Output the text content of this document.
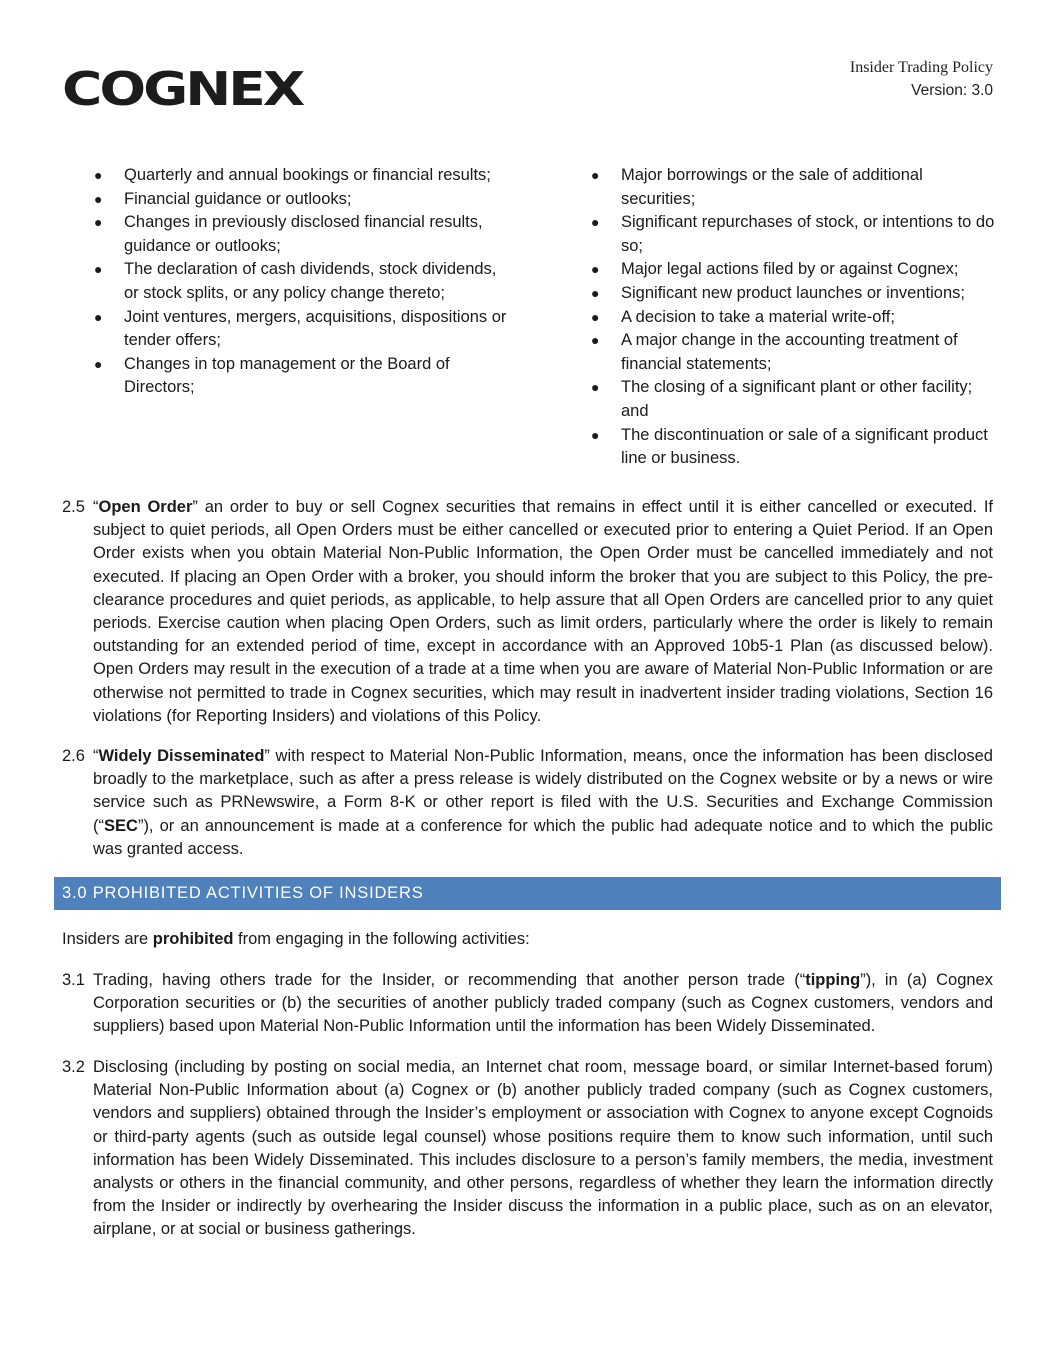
COGNEX	Insider Trading Policy
Version: 3.0
● Quarterly and annual bookings or financial results;
● Financial guidance or outlooks;
● Changes in previously disclosed financial results, guidance or outlooks;
● The declaration of cash dividends, stock dividends, or stock splits, or any policy change thereto;
● Joint ventures, mergers, acquisitions, dispositions or tender offers;
● Changes in top management or the Board of Directors;
● Major borrowings or the sale of additional securities;
● Significant repurchases of stock, or intentions to do so;
● Major legal actions filed by or against Cognex;
● Significant new product launches or inventions;
● A decision to take a material write-off;
● A major change in the accounting treatment of financial statements;
● The closing of a significant plant or other facility; and
● The discontinuation or sale of a significant product line or business.
2.5 “Open Order” an order to buy or sell Cognex securities that remains in effect until it is either cancelled or executed. If subject to quiet periods, all Open Orders must be either cancelled or executed prior to entering a Quiet Period. If an Open Order exists when you obtain Material Non-Public Information, the Open Order must be cancelled immediately and not executed. If placing an Open Order with a broker, you should inform the broker that you are subject to this Policy, the pre-clearance procedures and quiet periods, as applicable, to help assure that all Open Orders are cancelled prior to any quiet periods. Exercise caution when placing Open Orders, such as limit orders, particularly where the order is likely to remain outstanding for an extended period of time, except in accordance with an Approved 10b5-1 Plan (as discussed below). Open Orders may result in the execution of a trade at a time when you are aware of Material Non-Public Information or are otherwise not permitted to trade in Cognex securities, which may result in inadvertent insider trading violations, Section 16 violations (for Reporting Insiders) and violations of this Policy.
2.6 “Widely Disseminated” with respect to Material Non-Public Information, means, once the information has been disclosed broadly to the marketplace, such as after a press release is widely distributed on the Cognex website or by a news or wire service such as PRNewswire, a Form 8-K or other report is filed with the U.S. Securities and Exchange Commission (“SEC”), or an announcement is made at a conference for which the public had adequate notice and to which the public was granted access.
3.0 PROHIBITED ACTIVITIES OF INSIDERS
Insiders are prohibited from engaging in the following activities:
3.1 Trading, having others trade for the Insider, or recommending that another person trade (“tipping”), in (a) Cognex Corporation securities or (b) the securities of another publicly traded company (such as Cognex customers, vendors and suppliers) based upon Material Non-Public Information until the information has been Widely Disseminated.
3.2 Disclosing (including by posting on social media, an Internet chat room, message board, or similar Internet-based forum) Material Non-Public Information about (a) Cognex or (b) another publicly traded company (such as Cognex customers, vendors and suppliers) obtained through the Insider’s employment or association with Cognex to anyone except Cognoids or third-party agents (such as outside legal counsel) whose positions require them to know such information, until such information has been Widely Disseminated. This includes disclosure to a person’s family members, the media, investment analysts or others in the financial community, and other persons, regardless of whether they learn the information directly from the Insider or indirectly by overhearing the Insider discuss the information in a public place, such as on an elevator, airplane, or at social or business gatherings.
